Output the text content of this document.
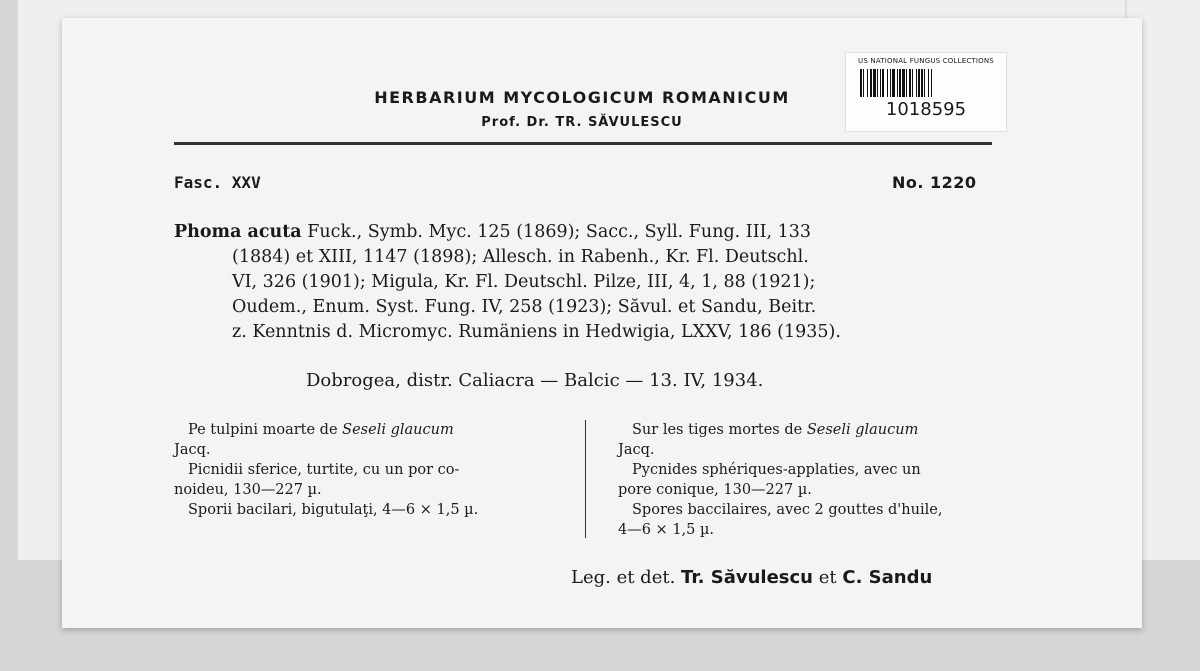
HERBARIUM MYCOLOGICUM ROMANICUM
Prof. Dr. TR. SĂVULESCU
US NATIONAL FUNGUS COLLECTIONS
1018595
Fasc. XXV	No. 1220
Phoma acuta Fuck., Symb. Myc. 125 (1869); Sacc., Syll. Fung. III, 133
(1884) et XIII, 1147 (1898); Allesch. in Rabenh., Kr. Fl. Deutschl.
VI, 326 (1901); Migula, Kr. Fl. Deutschl. Pilze, III, 4, 1, 88 (1921);
Oudem., Enum. Syst. Fung. IV, 258 (1923); Săvul. et Sandu, Beitr.
z. Kenntnis d. Micromyc. Rumäniens in Hedwigia, LXXV, 186 (1935).
Dobrogea, distr. Caliacra — Balcic — 13. IV, 1934.
Pe tulpini moarte de Seseli glaucum
Jacq.
Picnidii sferice, turtite, cu un por co-
noideu, 130—227 µ.
Sporii bacilari, bigutulaţi, 4—6 × 1,5 µ.
Sur les tiges mortes de Seseli glaucum
Jacq.
Pycnides sphériques-applaties, avec un
pore conique, 130—227 µ.
Spores baccilaires, avec 2 gouttes d'huile,
4—6 × 1,5 µ.
Leg. et det. Tr. Săvulescu et C. Sandu
